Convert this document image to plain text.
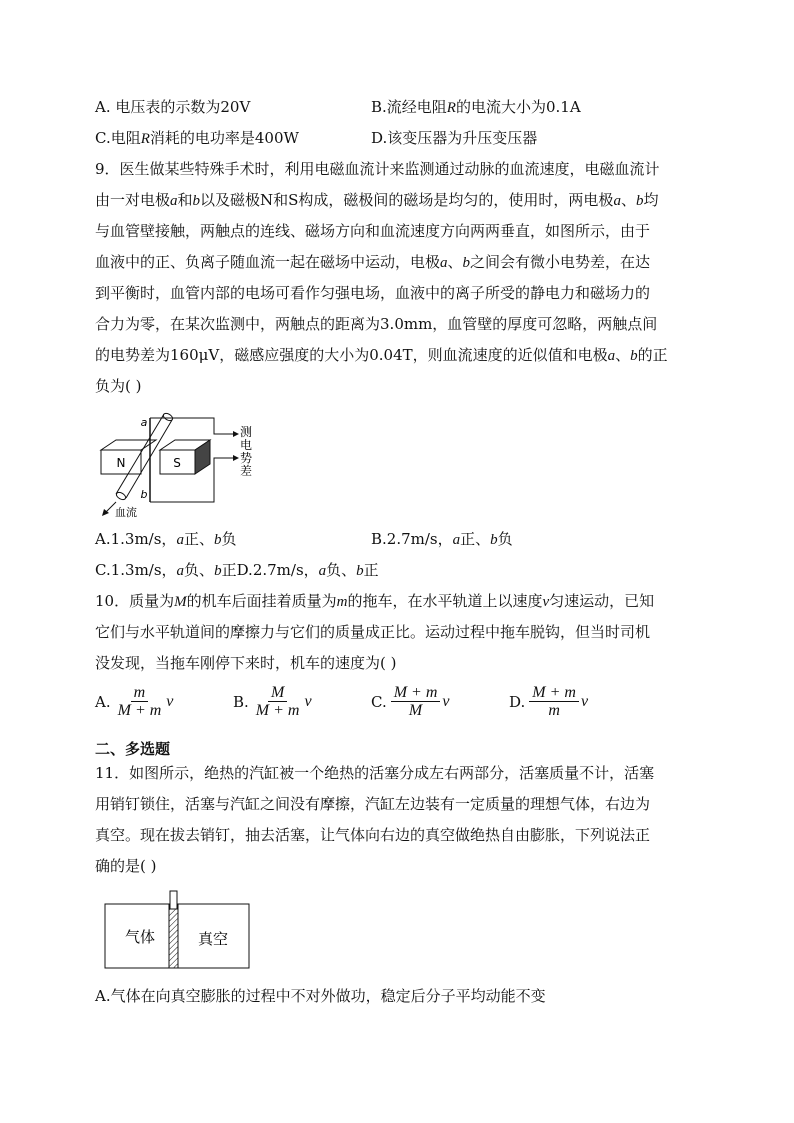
A. 电压表的示数为20V	B.流经电阻R的电流大小为0.1A
C.电阻R消耗的电功率是400W	D.该变压器为升压变压器
9．医生做某些特殊手术时，利用电磁血流计来监测通过动脉的血流速度，电磁血流计
由一对电极a和b以及磁极N和S构成，磁极间的磁场是均匀的，使用时，两电极a、b均
与血管壁接触，两触点的连线、磁场方向和血流速度方向两两垂直，如图所示，由于
血液中的正、负离子随血流一起在磁场中运动，电极a、b之间会有微小电势差，在达
到平衡时，血管内部的电场可看作匀强电场，血液中的离子所受的静电力和磁场力的
合力为零，在某次监测中，两触点的距离为3.0mm，血管壁的厚度可忽略，两触点间
的电势差为160μV，磁感应强度的大小为0.04T，则血流速度的近似值和电极a、b的正
负为( )
N	S
a
b
测
电
势
差
血流
A.1.3m/s，a正、b负	B.2.7m/s，a正、b负
C.1.3m/s，a负、b正D.2.7m/s，a负、b正
10．质量为M的机车后面挂着质量为m的拖车，在水平轨道上以速度v匀速运动，已知
它们与水平轨道间的摩擦力与它们的质量成正比。运动过程中拖车脱钩，但当时司机
没发现，当拖车刚停下来时，机车的速度为( )
A. $\frac{m}{M + m}$ v	B. $\frac{M}{M + m}$ v	C. $\frac{M + m}{M}$ v	D. $\frac{M + m}{m}$ v
二、多选题
11．如图所示，绝热的汽缸被一个绝热的活塞分成左右两部分，活塞质量不计，活塞
用销钉锁住，活塞与汽缸之间没有摩擦，汽缸左边装有一定质量的理想气体，右边为
真空。现在拔去销钉，抽去活塞，让气体向右边的真空做绝热自由膨胀，下列说法正
确的是( )
气体	真空
A.气体在向真空膨胀的过程中不对外做功，稳定后分子平均动能不变
